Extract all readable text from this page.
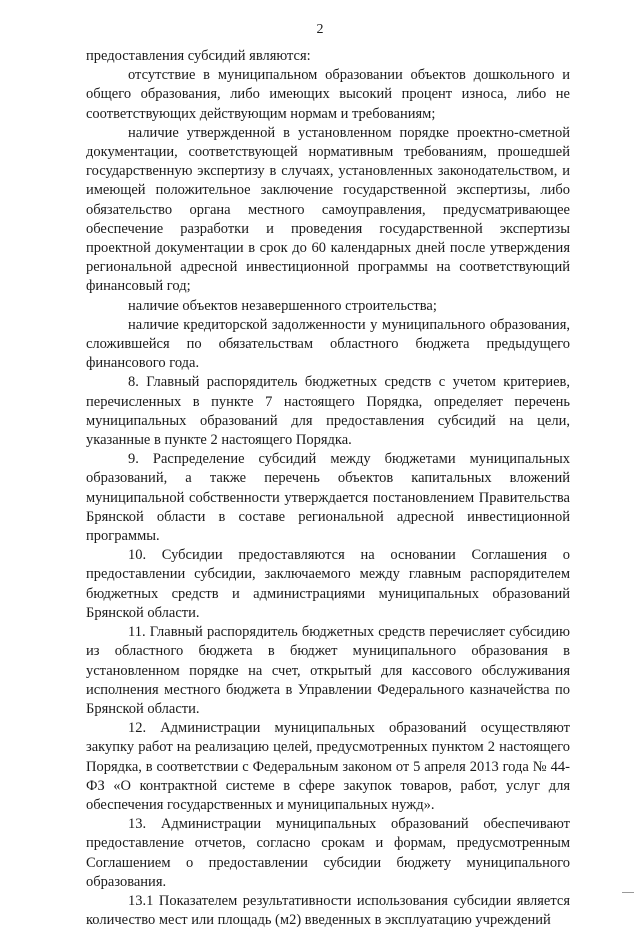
2

предоставления субсидий являются:

отсутствие в муниципальном образовании объектов дошкольного и общего образования, либо имеющих высокий процент износа, либо не соответствующих действующим нормам и требованиям;

наличие утвержденной в установленном порядке проектно-сметной документации, соответствующей нормативным требованиям, прошедшей государственную экспертизу в случаях, установленных законодательством, и имеющей положительное заключение государственной экспертизы, либо обязательство органа местного самоуправления, предусматривающее обеспечение разработки и проведения государственной экспертизы проектной документации в срок до 60 календарных дней после утверждения региональной адресной инвестиционной программы на соответствующий финансовый год;

наличие объектов незавершенного строительства;

наличие кредиторской задолженности у муниципального образования, сложившейся по обязательствам областного бюджета предыдущего финансового года.

8. Главный распорядитель бюджетных средств с учетом критериев, перечисленных в пункте 7 настоящего Порядка, определяет перечень муниципальных образований для предоставления субсидий на цели, указанные в пункте 2 настоящего Порядка.

9. Распределение субсидий между бюджетами муниципальных образований, а также перечень объектов капитальных вложений муниципальной собственности утверждается постановлением Правительства Брянской области в составе региональной адресной инвестиционной программы.

10. Субсидии предоставляются на основании Соглашения о предоставлении субсидии, заключаемого между главным распорядителем бюджетных средств и администрациями муниципальных образований Брянской области.

11. Главный распорядитель бюджетных средств перечисляет субсидию из областного бюджета в бюджет муниципального образования в установленном порядке на счет, открытый для кассового обслуживания исполнения местного бюджета в Управлении Федерального казначейства по Брянской области.

12. Администрации муниципальных образований осуществляют закупку работ на реализацию целей, предусмотренных пунктом 2 настоящего Порядка, в соответствии с Федеральным законом от 5 апреля 2013 года № 44-ФЗ «О контрактной системе в сфере закупок товаров, работ, услуг для обеспечения государственных и муниципальных нужд».

13. Администрации муниципальных образований обеспечивают предоставление отчетов, согласно срокам и формам, предусмотренным Соглашением о предоставлении субсидии бюджету муниципального образования.

13.1 Показателем результативности использования субсидии является количество мест или площадь (м2) введенных в эксплуатацию учреждений
